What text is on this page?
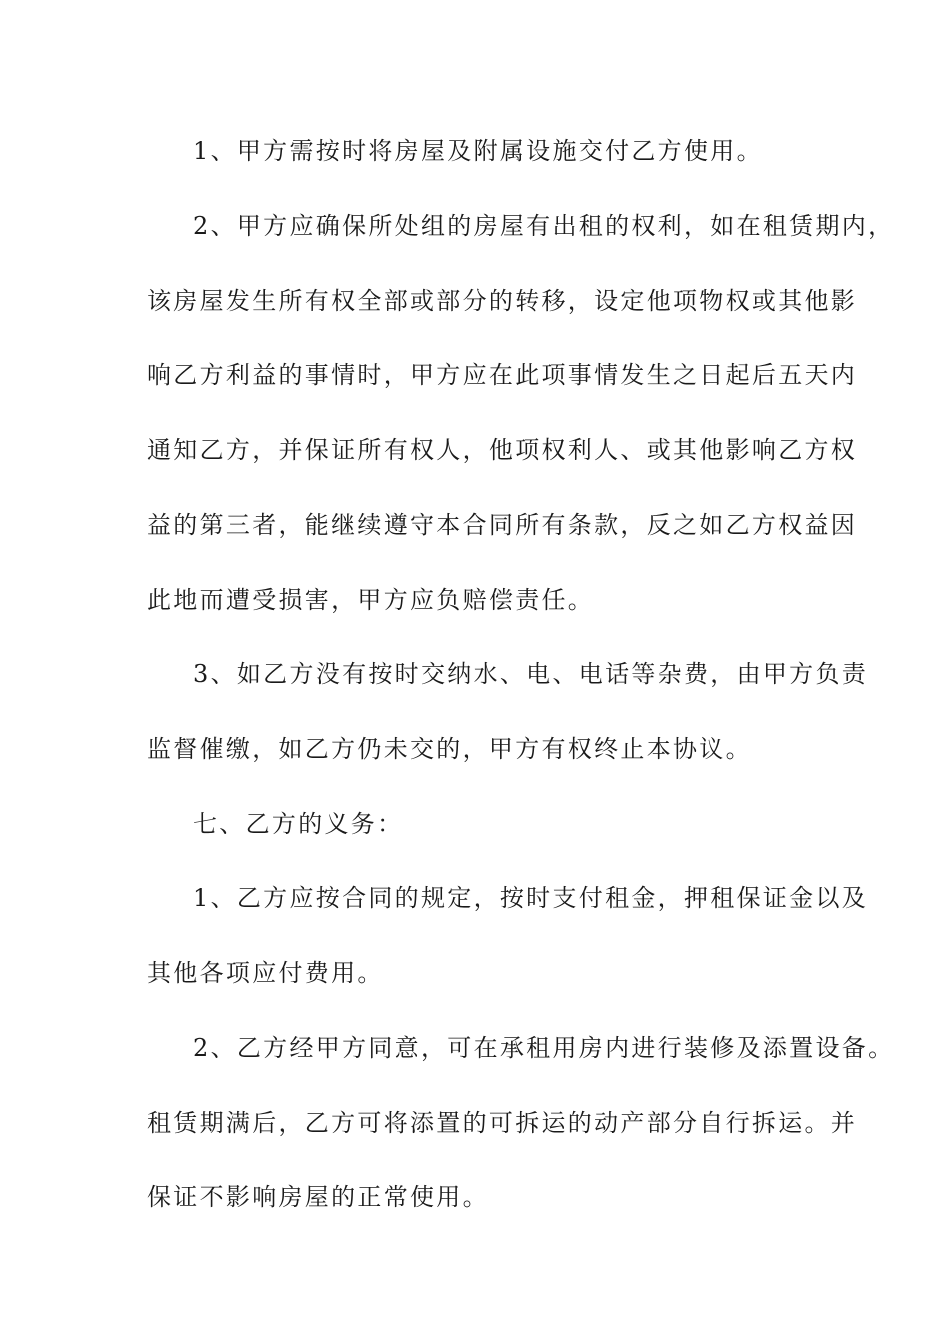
1、甲方需按时将房屋及附属设施交付乙方使用。
2、甲方应确保所处组的房屋有出租的权利，如在租赁期内，
该房屋发生所有权全部或部分的转移，设定他项物权或其他影
响乙方利益的事情时，甲方应在此项事情发生之日起后五天内
通知乙方，并保证所有权人，他项权利人、或其他影响乙方权
益的第三者，能继续遵守本合同所有条款，反之如乙方权益因
此地而遭受损害，甲方应负赔偿责任。
3、如乙方没有按时交纳水、电、电话等杂费，由甲方负责
监督催缴，如乙方仍未交的，甲方有权终止本协议。
七、乙方的义务：
1、乙方应按合同的规定，按时支付租金，押租保证金以及
其他各项应付费用。
2、乙方经甲方同意，可在承租用房内进行装修及添置设备。
租赁期满后，乙方可将添置的可拆运的动产部分自行拆运。并
保证不影响房屋的正常使用。
